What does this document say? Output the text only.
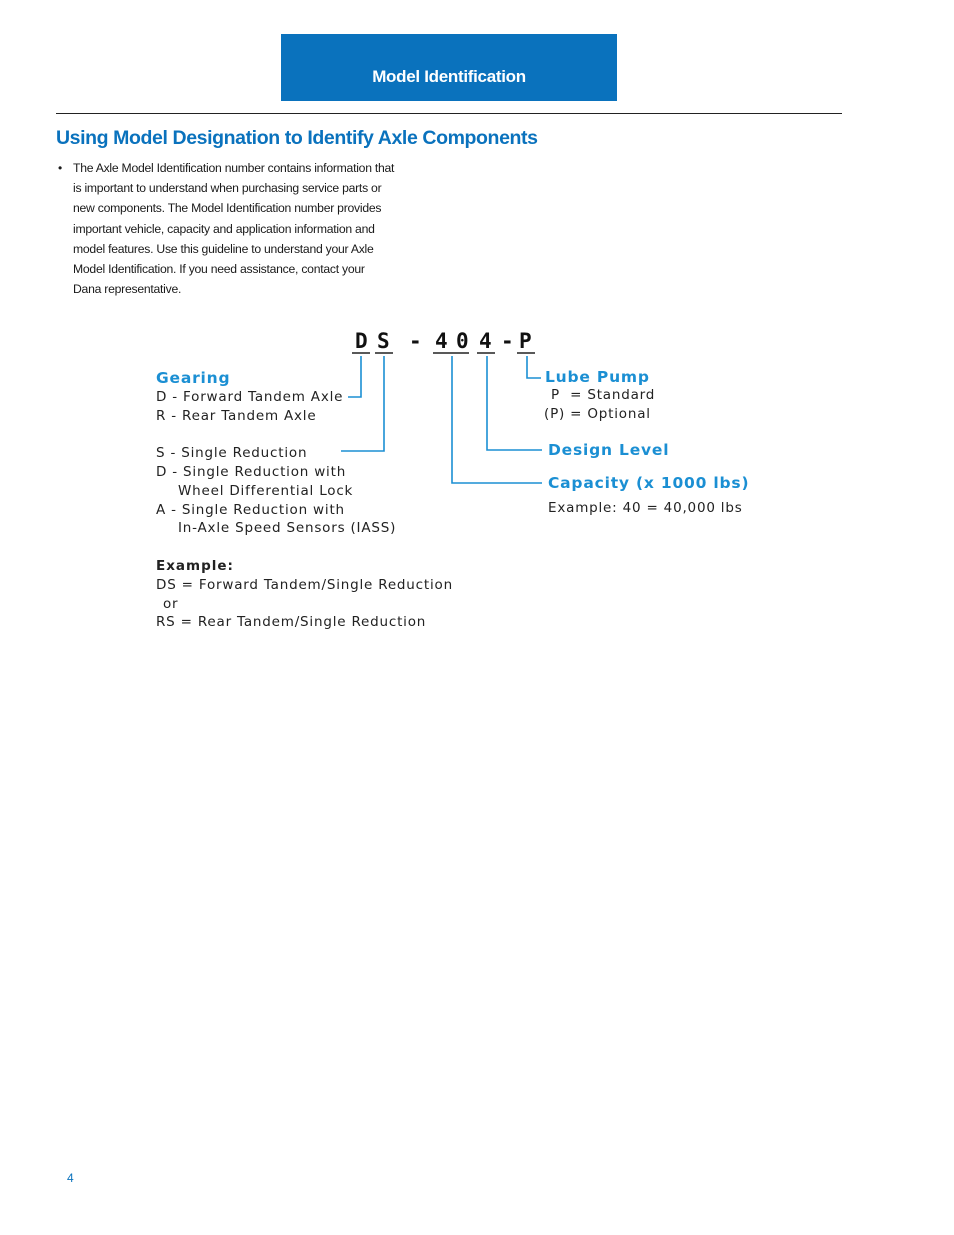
Model Identification
Using Model Designation to Identify Axle Components
• The Axle Model Identification number contains information that
is important to understand when purchasing service parts or
new components. The Model Identification number provides
important vehicle, capacity and application information and
model features. Use this guideline to understand your Axle
Model Identification. If you need assistance, contact your
Dana representative.

D S - 4 0 4 - P
Gearing
D - Forward Tandem Axle
R - Rear Tandem Axle
S - Single Reduction
D - Single Reduction with
Wheel Differential Lock
A - Single Reduction with
In-Axle Speed Sensors (IASS)
Example:
DS = Forward Tandem/Single Reduction
or
RS = Rear Tandem/Single Reduction
Lube Pump
P  = Standard
(P) = Optional
Design Level
Capacity (x 1000 lbs)
Example: 40 = 40,000 lbs
4
